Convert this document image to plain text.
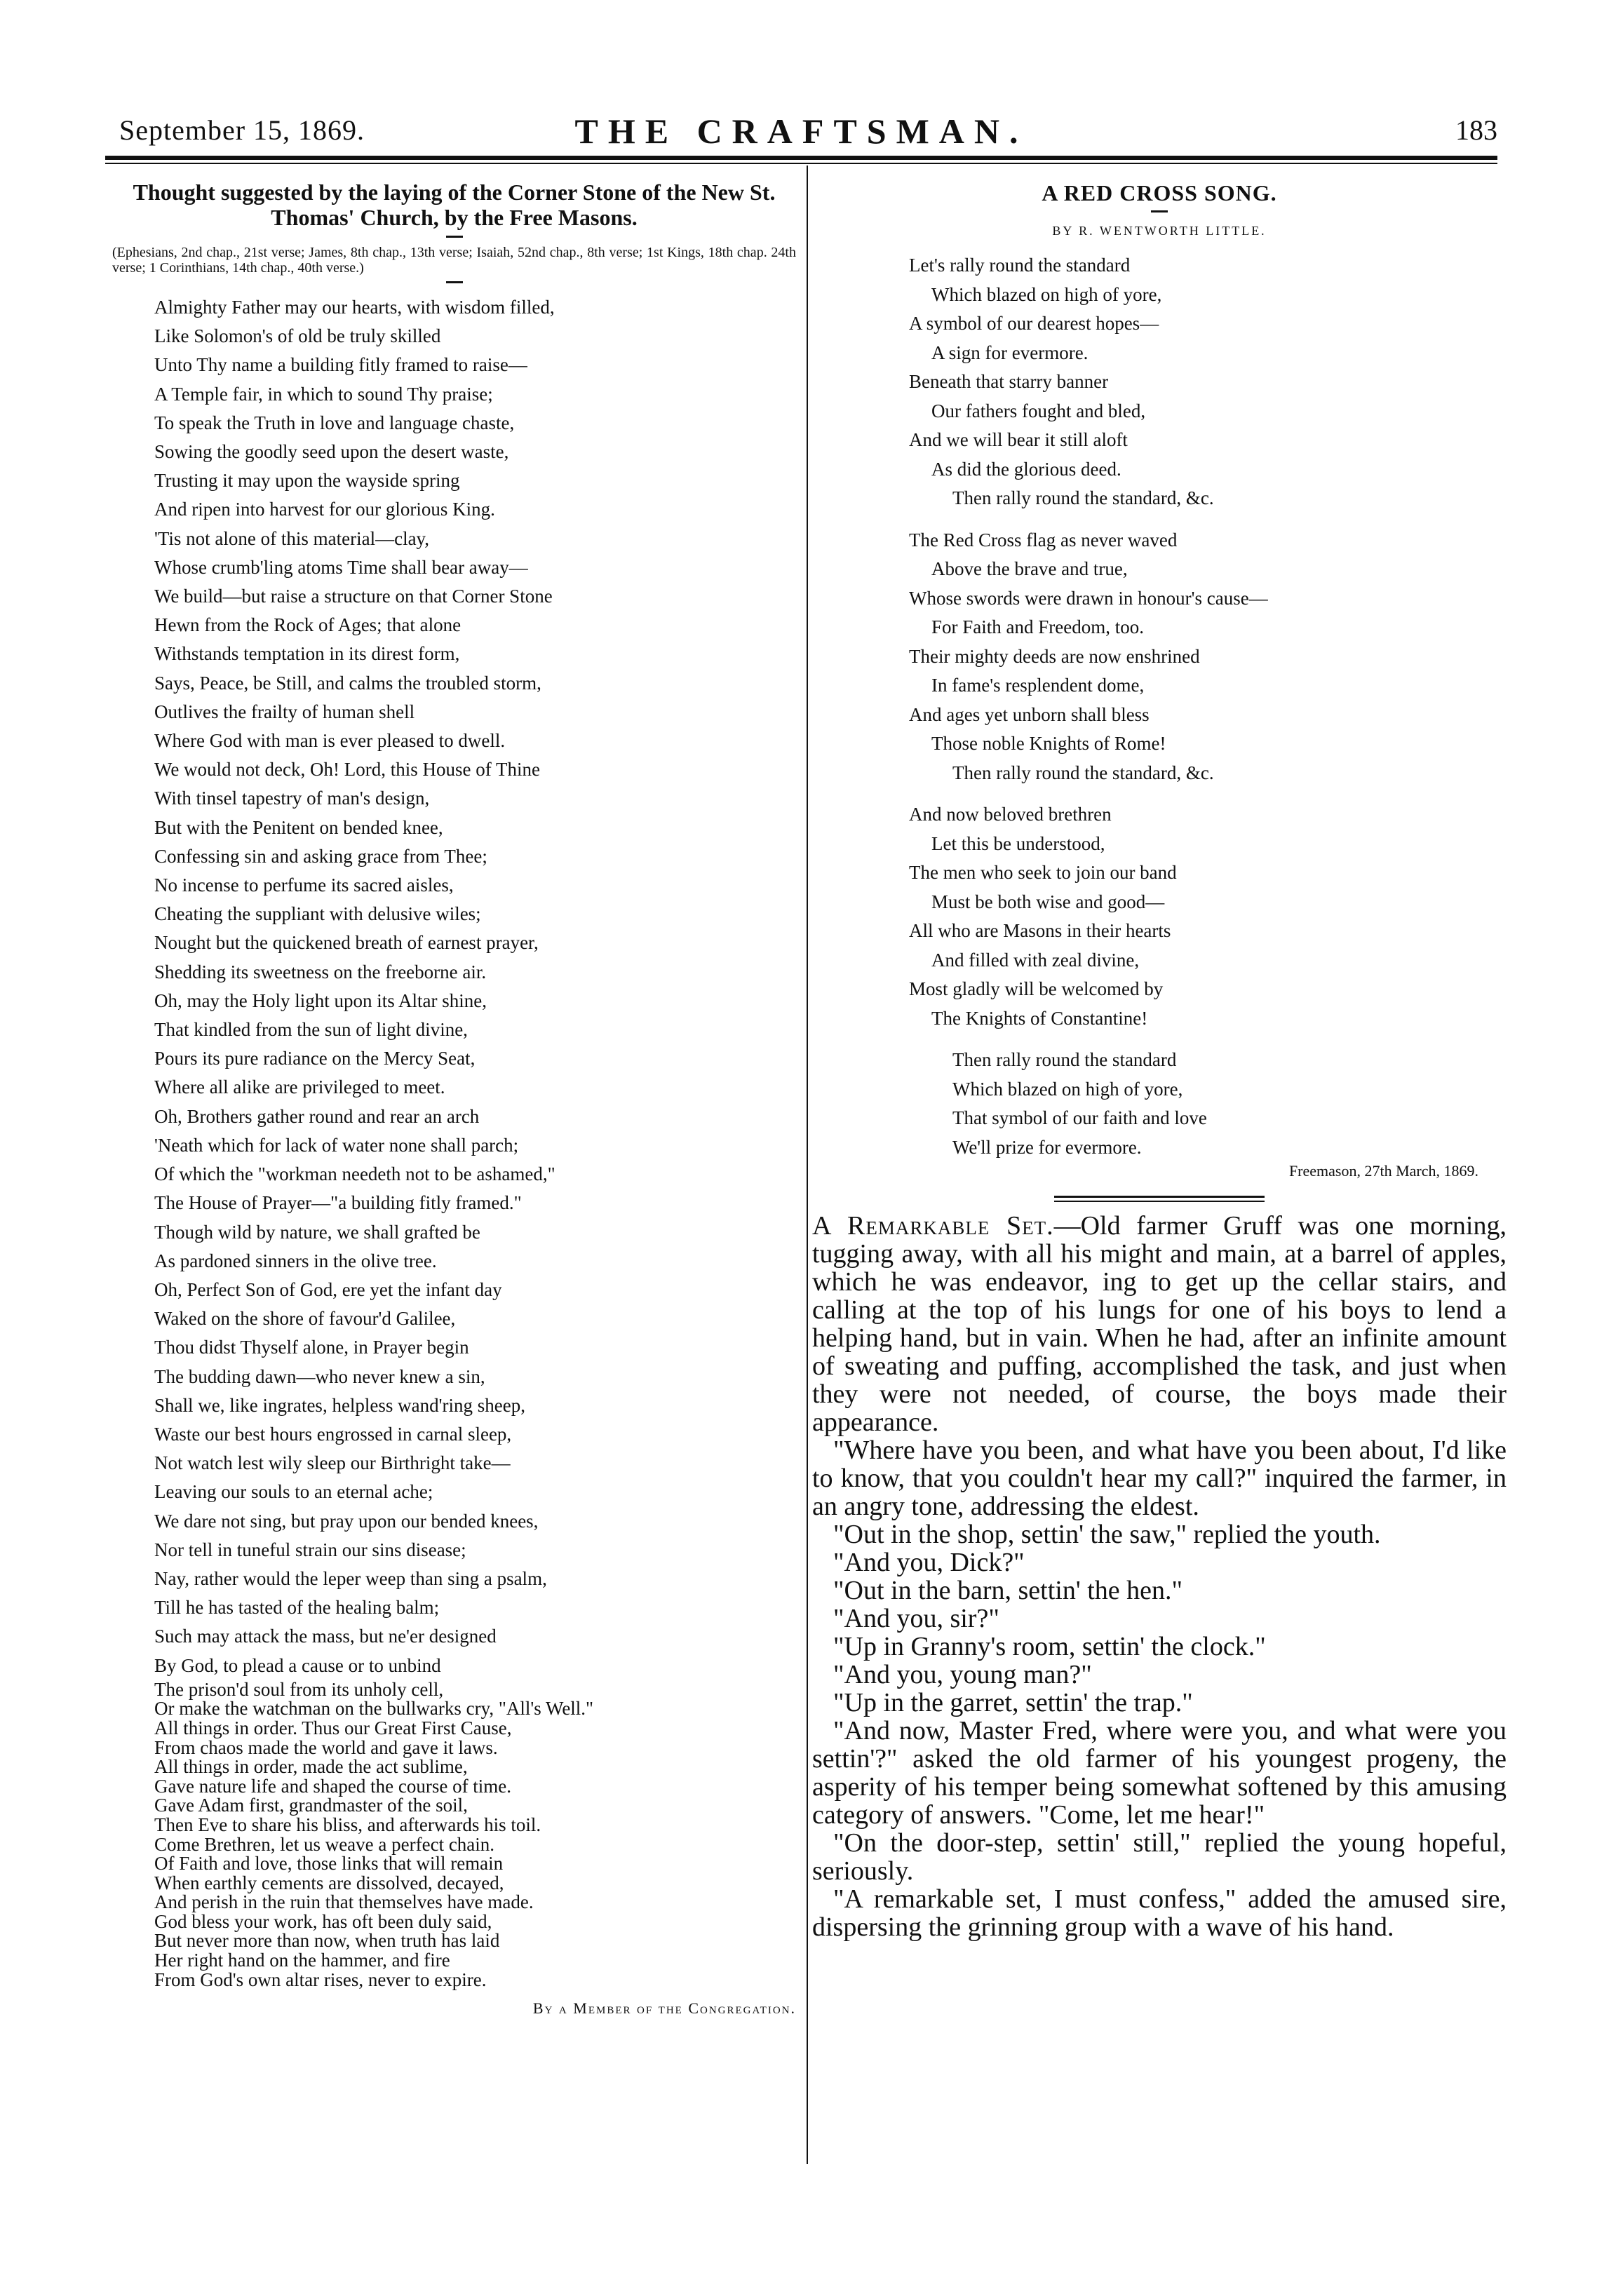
September 15, 1869.	THE CRAFTSMAN.	183
Thought suggested by the laying of the Corner Stone of the New St. Thomas' Church, by the Free Masons.

(Ephesians, 2nd chap., 21st verse; James, 8th chap., 13th verse; Isaiah, 52nd chap., 8th verse; 1st Kings, 18th chap. 24th verse; 1 Corinthians, 14th chap., 40th verse.)

Almighty Father may our hearts, with wisdom filled,
Like Solomon's of old be truly skilled
Unto Thy name a building fitly framed to raise—
A Temple fair, in which to sound Thy praise;
To speak the Truth in love and language chaste,
Sowing the goodly seed upon the desert waste,
Trusting it may upon the wayside spring
And ripen into harvest for our glorious King.
'Tis not alone of this material—clay,
Whose crumb'ling atoms Time shall bear away—
We build—but raise a structure on that Corner Stone
Hewn from the Rock of Ages; that alone
Withstands temptation in its direst form,
Says, Peace, be Still, and calms the troubled storm,
Outlives the frailty of human shell
Where God with man is ever pleased to dwell.
We would not deck, Oh! Lord, this House of Thine
With tinsel tapestry of man's design,
But with the Penitent on bended knee,
Confessing sin and asking grace from Thee;
No incense to perfume its sacred aisles,
Cheating the suppliant with delusive wiles;
Nought but the quickened breath of earnest prayer,
Shedding its sweetness on the freeborne air.
Oh, may the Holy light upon its Altar shine,
That kindled from the sun of light divine,
Pours its pure radiance on the Mercy Seat,
Where all alike are privileged to meet.
Oh, Brothers gather round and rear an arch
'Neath which for lack of water none shall parch;
Of which the "workman needeth not to be ashamed,"
The House of Prayer—"a building fitly framed."
Though wild by nature, we shall grafted be
As pardoned sinners in the olive tree.
Oh, Perfect Son of God, ere yet the infant day
Waked on the shore of favour'd Galilee,
Thou didst Thyself alone, in Prayer begin
The budding dawn—who never knew a sin,
Shall we, like ingrates, helpless wand'ring sheep,
Waste our best hours engrossed in carnal sleep,
Not watch lest wily sleep our Birthright take—
Leaving our souls to an eternal ache;
We dare not sing, but pray upon our bended knees,
Nor tell in tuneful strain our sins disease;
Nay, rather would the leper weep than sing a psalm,
Till he has tasted of the healing balm;
Such may attack the mass, but ne'er designed
By God, to plead a cause or to unbind
The prison'd soul from its unholy cell,
Or make the watchman on the bullwarks cry, "All's Well."
All things in order. Thus our Great First Cause,
From chaos made the world and gave it laws.
All things in order, made the act sublime,
Gave nature life and shaped the course of time.
Gave Adam first, grandmaster of the soil,
Then Eve to share his bliss, and afterwards his toil.
Come Brethren, let us weave a perfect chain.
Of Faith and love, those links that will remain
When earthly cements are dissolved, decayed,
And perish in the ruin that themselves have made.
God bless your work, has oft been duly said,
But never more than now, when truth has laid
Her right hand on the hammer, and fire
From God's own altar rises, never to expire.
By a Member of the Congregation.
A RED CROSS SONG.

BY R. WENTWORTH LITTLE.

Let's rally round the standard
Which blazed on high of yore,
A symbol of our dearest hopes—
A sign for evermore.
Beneath that starry banner
Our fathers fought and bled,
And we will bear it still aloft
As did the glorious deed.
Then rally round the standard, &c.
The Red Cross flag as never waved
Above the brave and true,
Whose swords were drawn in honour's cause—
For Faith and Freedom, too.
Their mighty deeds are now enshrined
In fame's resplendent dome,
And ages yet unborn shall bless
Those noble Knights of Rome!
Then rally round the standard, &c.
And now beloved brethren
Let this be understood,
The men who seek to join our band
Must be both wise and good—
All who are Masons in their hearts
And filled with zeal divine,
Most gladly will be welcomed by
The Knights of Constantine!
Then rally round the standard
Which blazed on high of yore,
That symbol of our faith and love
We'll prize for evermore.

Freemason, 27th March, 1869.

A Remarkable Set.—Old farmer Gruff was one morning, tugging away, with all his might and main, at a barrel of apples, which he was endeavor, ing to get up the cellar stairs, and calling at the top of his lungs for one of his boys to lend a helping hand, but in vain. When he had, after an infinite amount of sweating and puffing, accomplished the task, and just when they were not needed, of course, the boys made their appearance.

"Where have you been, and what have you been about, I'd like to know, that you couldn't hear my call?" inquired the farmer, in an angry tone, addressing the eldest.

"Out in the shop, settin' the saw," replied the youth.

"And you, Dick?"

"Out in the barn, settin' the hen."

"And you, sir?"

"Up in Granny's room, settin' the clock."

"And you, young man?"

"Up in the garret, settin' the trap."

"And now, Master Fred, where were you, and what were you settin'?" asked the old farmer of his youngest progeny, the asperity of his temper being somewhat softened by this amusing category of answers. "Come, let me hear!"

"On the door-step, settin' still," replied the young hopeful, seriously.

"A remarkable set, I must confess," added the amused sire, dispersing the grinning group with a wave of his hand.
